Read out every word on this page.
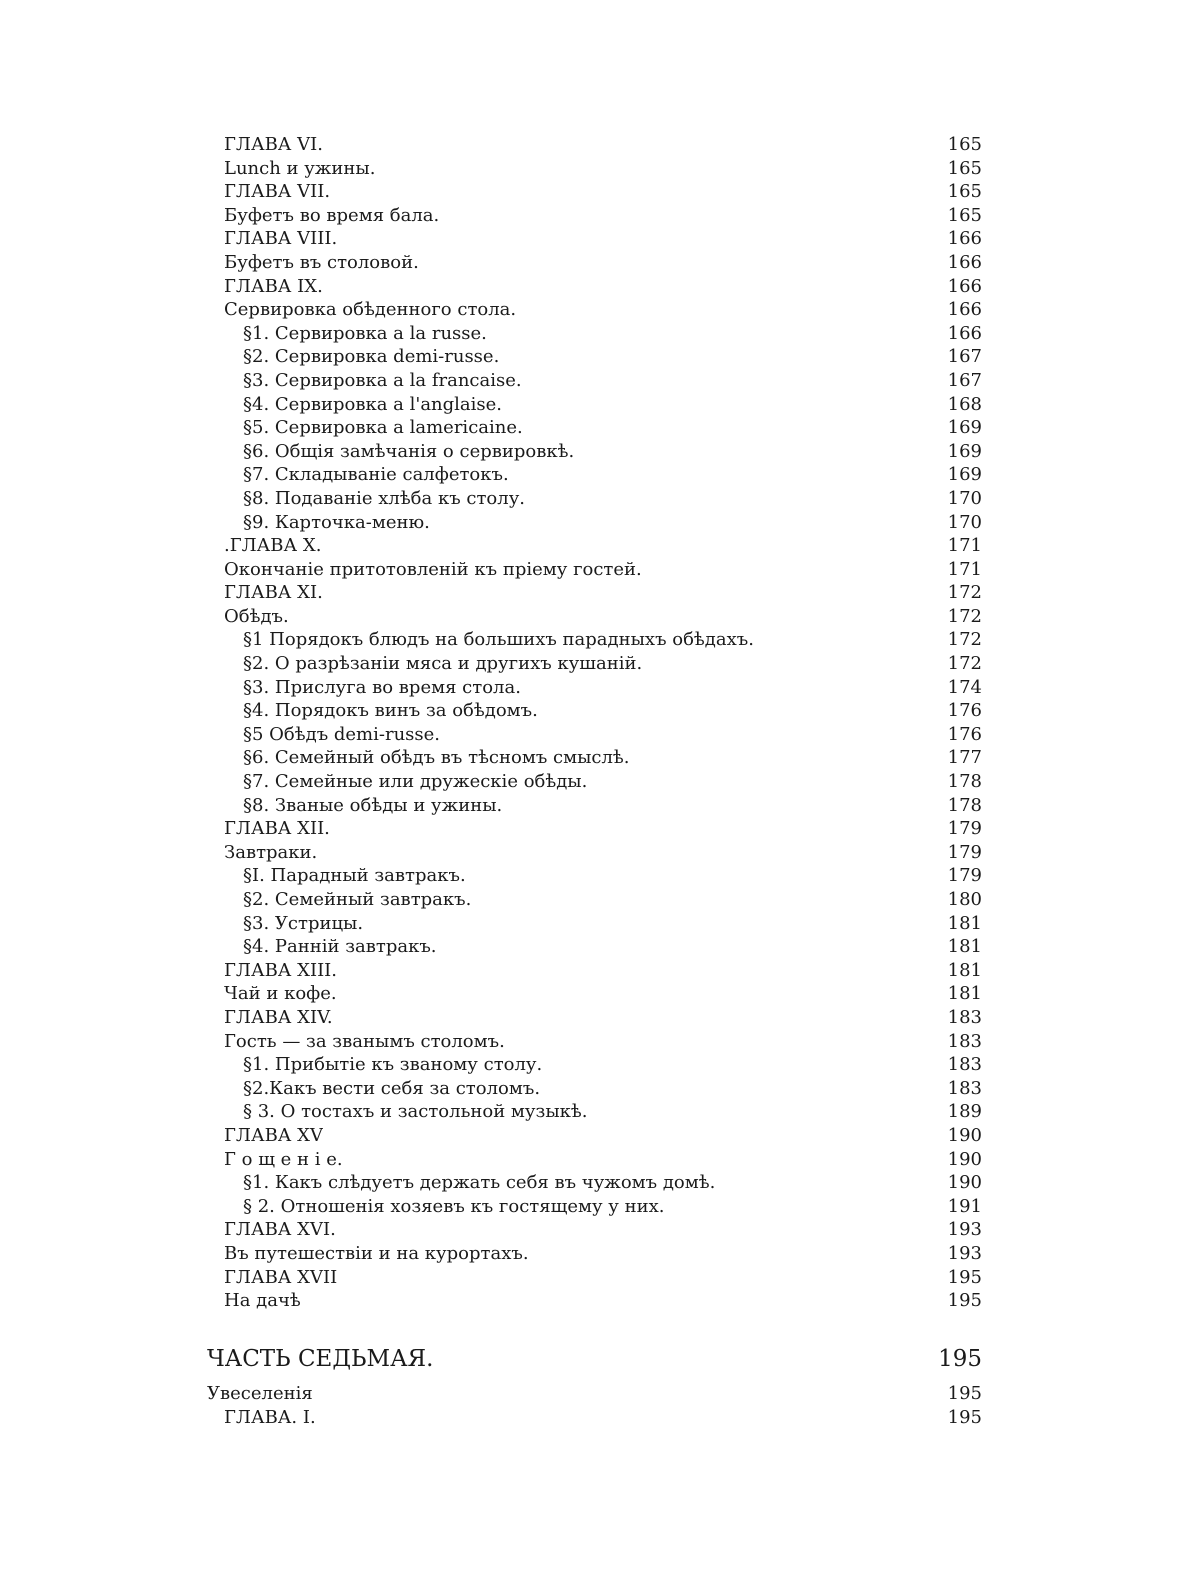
ГЛАВА VI.	165
Lunch и ужины.	165
ГЛАВА VII.	165
Буфетъ во время бала.	165
ГЛАВА VIII.	166
Буфетъ въ столовой.	166
ГЛАВА IX.	166
Сервировка обѣденного стола.	166
§1. Сервировка а la russe.	166
§2. Сервировка demi-russe.	167
§3. Сервировка а la francaise.	167
§4. Сервировка а l'anglaise.	168
§5. Сервировка а lamericaine.	169
§6. Общія замѣчанія о сервировкѣ.	169
§7. Складываніе салфетокъ.	169
§8. Подаваніе хлѣба къ столу.	170
§9. Карточка-меню.	170
.ГЛАВА X.	171
Окончаніе притотовленій къ пріему гостей.	171
ГЛАВА XI.	172
Обѣдъ.	172
§1 Порядокъ блюдъ на большихъ парадныхъ обѣдахъ.	172
§2. О разрѣзаніи мяса и другихъ кушаній.	172
§3. Прислуга во время стола.	174
§4. Порядокъ винъ за обѣдомъ.	176
§5 Обѣдъ demi-russe.	176
§6. Семейный обѣдъ въ тѣсномъ смыслѣ.	177
§7. Семейные или дружескіе обѣды.	178
§8. Званые обѣды и ужины.	178
ГЛАВА XII.	179
Завтраки.	179
§I. Парадный завтракъ.	179
§2. Семейный завтракъ.	180
§3. Устрицы.	181
§4. Ранній завтракъ.	181
ГЛАВА XIII.	181
Чай и кофе.	181
ГЛАВА XIV.	183
Гость — за званымъ столомъ.	183
§1. Прибытіе къ званому столу.	183
§2.Какъ вести себя за столомъ.	183
§ 3. О тостахъ и застольной музыкѣ.	189
ГЛАВА XV	190
Г о щ е н і е.	190
§1. Какъ слѣдуетъ держать себя въ чужомъ домѣ.	190
§ 2. Отношенія хозяевъ къ гостящему у них.	191
ГЛАВА XVI.	193
Въ путешествіи и на курортахъ.	193
ГЛАВА XVII	195
На дачѣ	195
ЧАСТЬ СЕДЬМАЯ.	195
Увеселенія	195
ГЛАВА. I.	195
